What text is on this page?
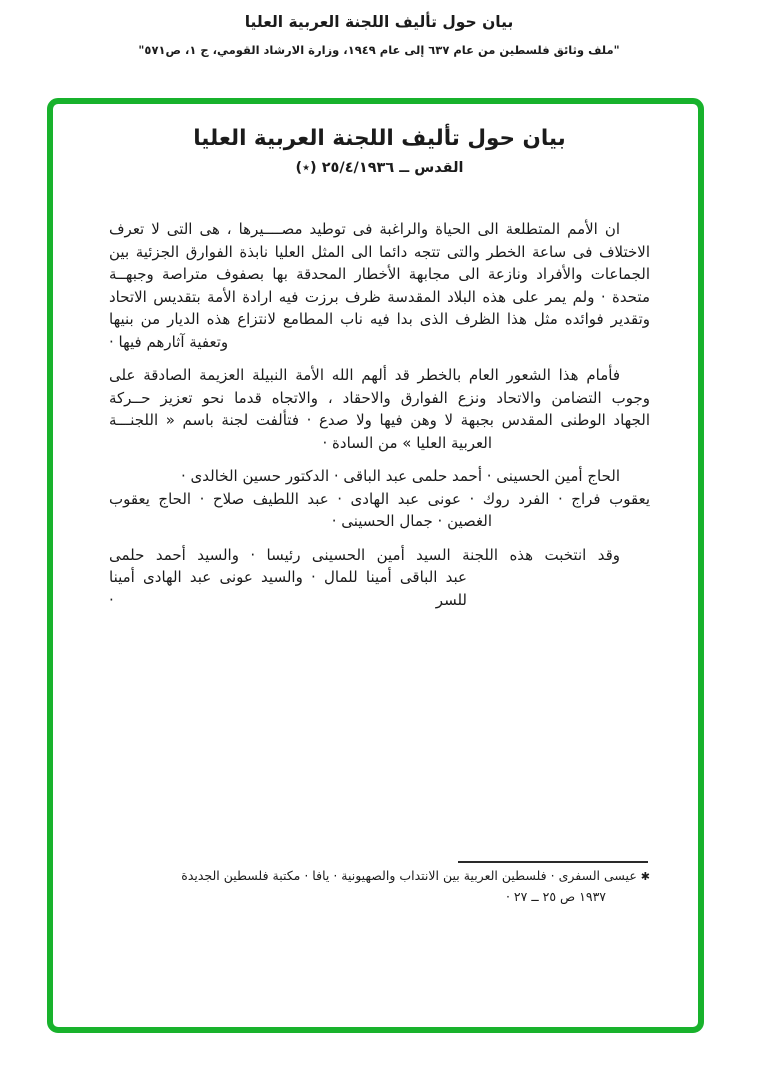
بيان حول تأليف اللجنة العربية العليا
"ملف وثائق فلسطين من عام ٦٣٧ إلى عام ١٩٤٩، وزارة الارشاد القومي، ج ١، ص٥٧١"
بيان حول تأليف اللجنة العربية العليا
القدس ــ ٢٥/٤/١٩٣٦ (٭)
ان الأمم المتطلعة الى الحياة والراغبة فى توطيد مصــــيرها ، هى التى لا تعرف
الاختلاف فى ساعة الخطر والتى تتجه دائما الى المثل العليا نابذة الفوارق الجزئية بين
الجماعات والأفراد ونازعة الى مجابهة الأخطار المحدقة بها بصفوف متراصة وجبهــة
متحدة · ولم يمر على هذه البلاد المقدسة ظرف برزت فيه ارادة الأمة بتقديس الاتحاد
وتقدير فوائده مثل هذا الظرف الذى بدا فيه ناب المطامع لانتزاع هذه الديار من بنيها
وتعفية آثارهم فيها ·
فأمام هذا الشعور العام بالخطر قد ألهم الله الأمة النبيلة العزيمة الصادقة على
وجوب التضامن والاتحاد ونزع الفوارق والاحقاد ، والاتجاه قدما نحو تعزيز حــركة
الجهاد الوطنى المقدس بجبهة لا وهن فيها ولا صدع · فتألفت لجنة باسم « اللجنـــة
العربية العليا » من السادة ·
الحاج أمين الحسينى · أحمد حلمى عبد الباقى · الدكتور حسين الخالدى ·
يعقوب فراج · الفرد روك · عونى عبد الهادى · عبد اللطيف صلاح · الحاج يعقوب
الغصين · جمال الحسينى ·
وقد انتخبت هذه اللجنة السيد أمين الحسينى رئيسا · والسيد أحمد حلمى
عبد الباقى أمينا للمال · والسيد عونى عبد الهادى أمينا للسر ·
✱ عيسى السفرى · فلسطين العربية بين الانتداب والصهيونية · يافا · مكتبة فلسطين الجديدة
١٩٣٧ ص ٢٥ ــ ٢٧ ·
